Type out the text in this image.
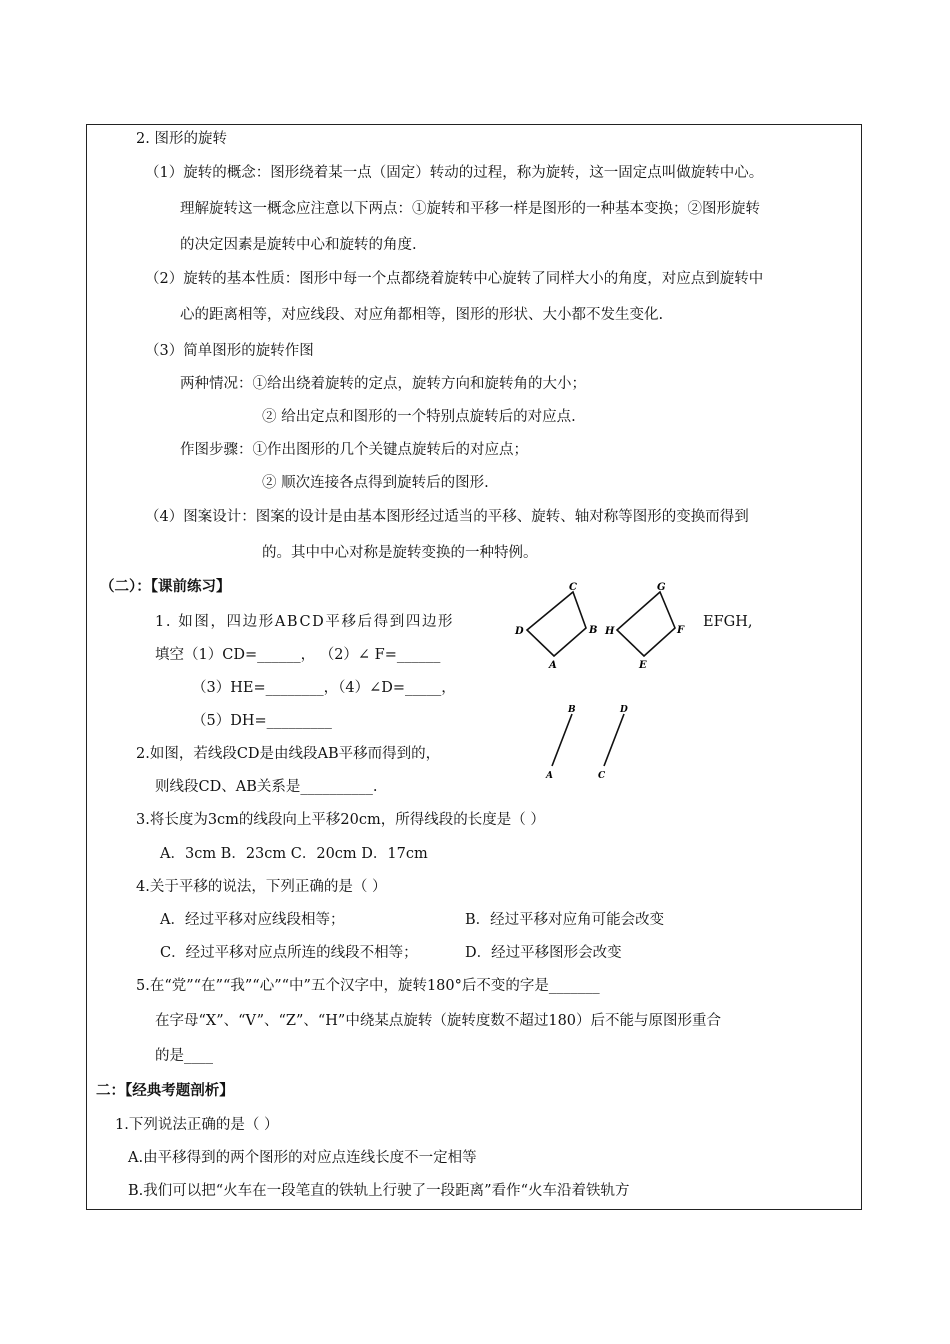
2. 图形的旋转
（1）旋转的概念：图形绕着某一点（固定）转动的过程，称为旋转，这一固定点叫做旋转中心。
理解旋转这一概念应注意以下两点：①旋转和平移一样是图形的一种基本变换；②图形旋转
的决定因素是旋转中心和旋转的角度.
（2）旋转的基本性质：图形中每一个点都绕着旋转中心旋转了同样大小的角度，对应点到旋转中
心的距离相等，对应线段、对应角都相等，图形的形状、大小都不发生变化.
（3）简单图形的旋转作图
两种情况：①给出绕着旋转的定点，旋转方向和旋转角的大小；
② 给出定点和图形的一个特别点旋转后的对应点.
作图步骤：①作出图形的几个关键点旋转后的对应点；
② 顺次连接各点得到旋转后的图形.
（4）图案设计：图案的设计是由基本图形经过适当的平移、旋转、轴对称等图形的变换而得到
的。其中中心对称是旋转变换的一种特例。
（二）：【课前练习】
1. 如图，四边形ABCD平移后得到四边形	EFGH,
填空（1）CD=______， （2）∠ F=______
（3）HE=________，（4）∠D=_____，
（5）DH=_________
A
B
C
D
E
F
G
H
2.如图，若线段CD是由线段AB平移而得到的，
则线段CD、AB关系是__________.
A
B
C
D
3.将长度为3cm的线段向上平移20cm，所得线段的长度是（ ）
A．3cm B．23cm C．20cm D．17cm
4.关于平移的说法，下列正确的是（ ）
A．经过平移对应线段相等；	B．经过平移对应角可能会改变
C．经过平移对应点所连的线段不相等；	D．经过平移图形会改变
5.在“党”“在”“我”“心”“中”五个汉字中，旋转180°后不变的字是_______
在字母“X”、“V”、“Z”、“H”中绕某点旋转（旋转度数不超过180）后不能与原图形重合
的是____
二：【经典考题剖析】
1.下列说法正确的是（ ）
A.由平移得到的两个图形的对应点连线长度不一定相等
B.我们可以把“火车在一段笔直的铁轨上行驶了一段距离”看作“火车沿着铁轨方
